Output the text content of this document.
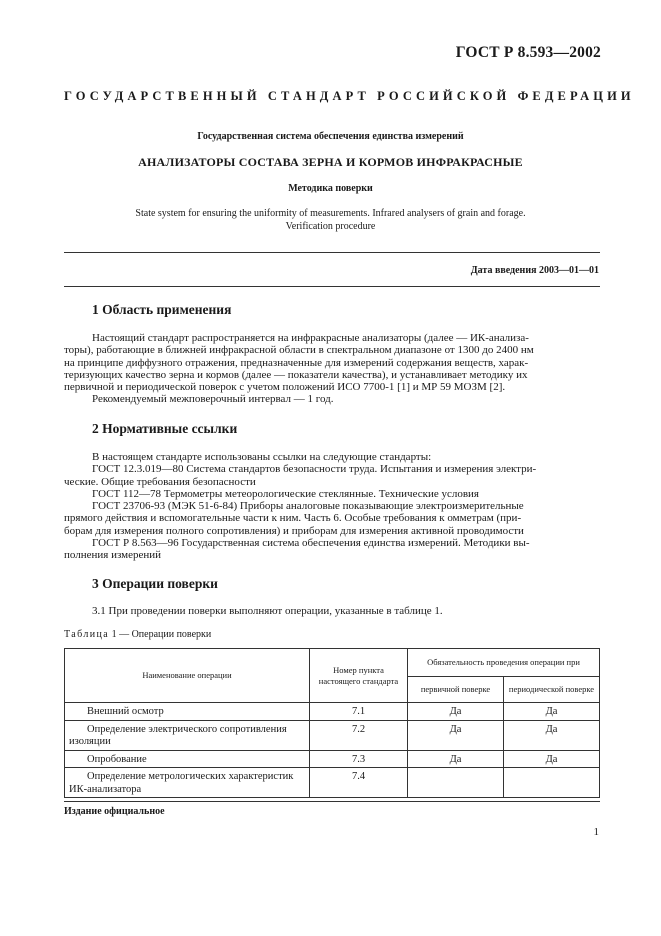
ГОСТ Р 8.593—2002
ГОСУДАРСТВЕННЫЙ СТАНДАРТ РОССИЙСКОЙ ФЕДЕРАЦИИ
Государственная система обеспечения единства измерений
АНАЛИЗАТОРЫ СОСТАВА ЗЕРНА И КОРМОВ ИНФРАКРАСНЫЕ
Методика поверки
State system for ensuring the uniformity of measurements. Infrared analysers of grain and forage.
Verification procedure
Дата введения 2003—01—01
1 Область применения
Настоящий стандарт распространяется на инфракрасные анализаторы (далее — ИК-анализа-
торы), работающие в ближней инфракрасной области в спектральном диапазоне от 1300 до 2400 нм
на принципе диффузного отражения, предназначенные для измерений содержания веществ, харак-
теризующих качество зерна и кормов (далее — показатели качества), и устанавливает методику их
первичной и периодической поверок с учетом положений ИСО 7700-1 [1] и МР 59 МОЗМ [2].
Рекомендуемый межповерочный интервал — 1 год.
2 Нормативные ссылки
В настоящем стандарте использованы ссылки на следующие стандарты:
ГОСТ 12.3.019—80 Система стандартов безопасности труда. Испытания и измерения электри-
ческие. Общие требования безопасности
ГОСТ 112—78 Термометры метеорологические стеклянные. Технические условия
ГОСТ 23706-93 (МЭК 51-6-84) Приборы аналоговые показывающие электроизмерительные
прямого действия и вспомогательные части к ним. Часть 6. Особые требования к омметрам (при-
борам для измерения полного сопротивления) и приборам для измерения активной проводимости
ГОСТ Р 8.563—96 Государственная система обеспечения единства измерений. Методики вы-
полнения измерений
3 Операции поверки
3.1 При проведении поверки выполняют операции, указанные в таблице 1.
Таблица 1 — Операции поверки
Наименование операции	Номер пункта настоящего стандарта	Обязательность проведения операции при	
		первичной поверке	периодической поверке
Внешний осмотр	7.1	Да	Да
Определение электрического сопротивления
изоляции	7.2	Да	Да
Опробование	7.3	Да	Да
Определение метрологических характеристик
ИК-анализатора	7.4		
Издание официальное
1
